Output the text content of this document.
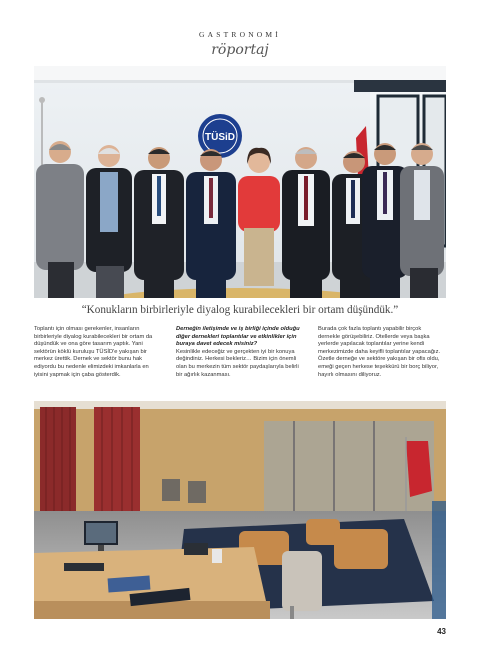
GASTRONOMİ
röportaj
TÜSiD
“Konukların birbirleriyle diyalog kurabilecekleri bir ortam düşündük.”

Toplantı için olması gerekenler, insanların birbirleriyle diyalog kurabilecekleri bir ortam da düşündük ve ona göre tasarım yaptık. Yani sektörün köklü kuruluşu TÜSİD'e yakışan bir merkez ürettik. Dernek ve sektör bunu hak ediyordu bu nedenle elimizdeki imkanlarla en iyisini yapmak için çaba gösterdik.

Derneğin iletişimde ve iş birliği içinde olduğu diğer dernekleri toplantılar ve etkinlikler için buraya davet edecek misiniz?

Kesinlikle edeceğiz ve gerçekten iyi bir konuya değindiniz. Herkesi bekleriz… Bizim için önemli olan bu merkezin tüm sektör paydaşlarıyla belirli bir ağırlık kazanması.

Burada çok fazla toplantı yapabilir birçok dernekle görüşebiliriz. Otellerde veya başka yerlerde yapılacak toplantılar yerine kendi merkezimizde daha keyifli toplantılar yapacağız. Özetle derneğe ve sektöre yakışan bir ofis oldu, emeği geçen herkese teşekkürü bir borç biliyor, hayırlı olmasını diliyoruz.

43
